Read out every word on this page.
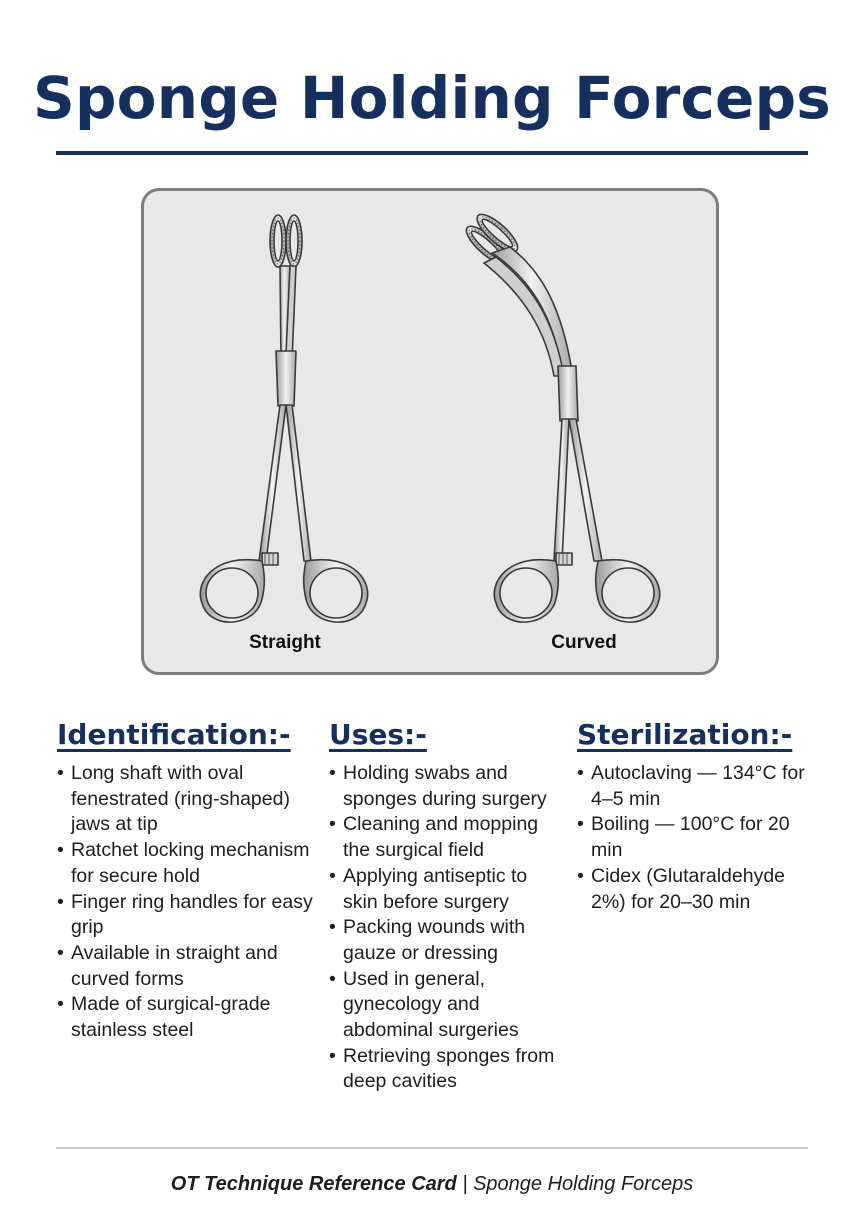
Sponge Holding Forceps
Straight	Curved
Identification:-
• Long shaft with oval fenestrated (ring-shaped) jaws at tip
• Ratchet locking mechanism for secure hold
• Finger ring handles for easy grip
• Available in straight and curved forms
• Made of surgical-grade stainless steel
Uses:-
• Holding swabs and sponges during surgery
• Cleaning and mopping the surgical field
• Applying antiseptic to skin before surgery
• Packing wounds with gauze or dressing
• Used in general, gynecology and abdominal surgeries
• Retrieving sponges from deep cavities
Sterilization:-
• Autoclaving — 134°C for 4–5 min
• Boiling — 100°C for 20 min
• Cidex (Glutaraldehyde 2%) for 20–30 min
OT Technique Reference Card | Sponge Holding Forceps
